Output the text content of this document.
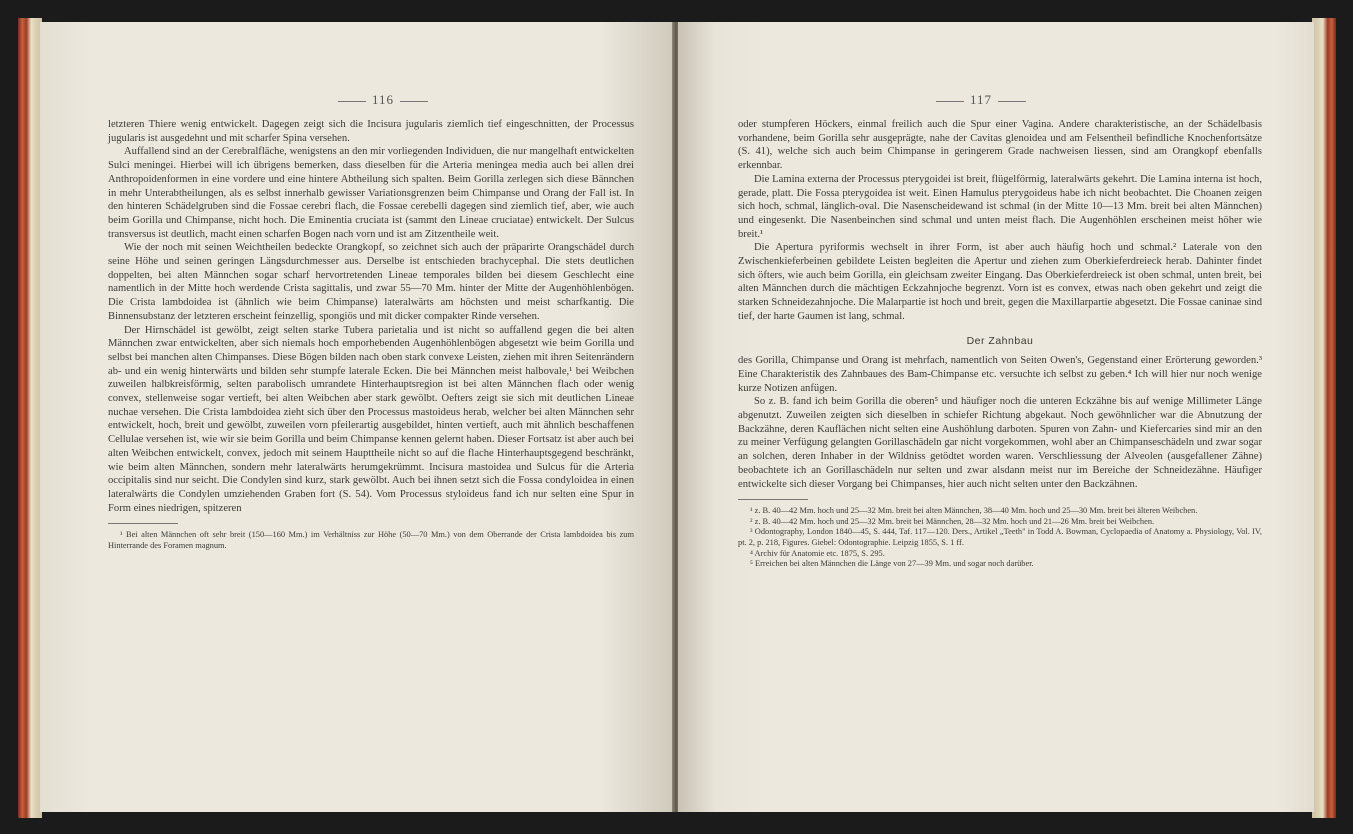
116

letzteren Thiere wenig entwickelt. Dagegen zeigt sich die Incisura jugularis ziemlich tief eingeschnitten, der Processus jugularis ist ausgedehnt und mit scharfer Spina versehen.

Auffallend sind an der Cerebralfläche, wenigstens an den mir vorliegenden Individuen, die nur mangelhaft entwickelten Sulci meningei. Hierbei will ich übrigens bemerken, dass dieselben für die Arteria meningea media auch bei allen drei Anthropoidenformen in eine vordere und eine hintere Abtheilung sich spalten. Beim Gorilla zerlegen sich diese Bännchen in mehr Unterabtheilungen, als es selbst innerhalb gewisser Variationsgrenzen beim Chimpanse und Orang der Fall ist. In den hinteren Schädelgruben sind die Fossae cerebri flach, die Fossae cerebelli dagegen sind ziemlich tief, aber, wie auch beim Gorilla und Chimpanse, nicht hoch. Die Eminentia cruciata ist (sammt den Lineae cruciatae) entwickelt. Der Sulcus transversus ist deutlich, macht einen scharfen Bogen nach vorn und ist am Zitzentheile weit.

Wie der noch mit seinen Weichtheilen bedeckte Orangkopf, so zeichnet sich auch der präparirte Orangschädel durch seine Höhe und seinen geringen Längsdurchmesser aus. Derselbe ist entschieden brachycephal. Die stets deutlichen doppelten, bei alten Männchen sogar scharf hervortretenden Lineae temporales bilden bei diesem Geschlecht eine namentlich in der Mitte hoch werdende Crista sagittalis, und zwar 55—70 Mm. hinter der Mitte der Augenhöhlenbögen. Die Crista lambdoidea ist (ähnlich wie beim Chimpanse) lateralwärts am höchsten und meist scharfkantig. Die Binnensubstanz der letzteren erscheint feinzellig, spongiös und mit dicker compakter Rinde versehen.

Der Hirnschädel ist gewölbt, zeigt selten starke Tubera parietalia und ist nicht so auffallend gegen die bei alten Männchen zwar entwickelten, aber sich niemals hoch emporhebenden Augenhöhlenbögen abgesetzt wie beim Gorilla und selbst bei manchen alten Chimpanses. Diese Bögen bilden nach oben stark convexe Leisten, ziehen mit ihren Seitenrändern ab- und ein wenig hinterwärts und bilden sehr stumpfe laterale Ecken. Die bei Männchen meist halbovale,¹ bei Weibchen zuweilen halbkreisförmig, selten parabolisch umrandete Hinterhauptsregion ist bei alten Männchen flach oder wenig convex, stellenweise sogar vertieft, bei alten Weibchen aber stark gewölbt. Oefters zeigt sie sich mit deutlichen Lineae nuchae versehen. Die Crista lambdoidea zieht sich über den Processus mastoideus herab, welcher bei alten Männchen sehr entwickelt, hoch, breit und gewölbt, zuweilen vorn pfeilerartig ausgebildet, hinten vertieft, auch mit ähnlich beschaffenen Cellulae versehen ist, wie wir sie beim Gorilla und beim Chimpanse kennen gelernt haben. Dieser Fortsatz ist aber auch bei alten Weibchen entwickelt, convex, jedoch mit seinem Haupttheile nicht so auf die flache Hinterhauptsgegend beschränkt, wie beim alten Männchen, sondern mehr lateralwärts herumgekrümmt. Incisura mastoidea und Sulcus für die Arteria occipitalis sind nur seicht. Die Condylen sind kurz, stark gewölbt. Auch bei ihnen setzt sich die Fossa condyloidea in einen lateralwärts die Condylen umziehenden Graben fort (S. 54). Vom Processus styloideus fand ich nur selten eine Spur in Form eines niedrigen, spitzeren

¹ Bei alten Männchen oft sehr breit (150—160 Mm.) im Verhältniss zur Höhe (50—70 Mm.) von dem Oberrande der Crista lambdoidea bis zum Hinterrande des Foramen magnum.

117

oder stumpferen Höckers, einmal freilich auch die Spur einer Vagina. Andere charakteristische, an der Schädelbasis vorhandene, beim Gorilla sehr ausgeprägte, nahe der Cavitas glenoidea und am Felsentheil befindliche Knochenfortsätze (S. 41), welche sich auch beim Chimpanse in geringerem Grade nachweisen liessen, sind am Orangkopf ebenfalls erkennbar.

Die Lamina externa der Processus pterygoidei ist breit, flügelförmig, lateralwärts gekehrt. Die Lamina interna ist hoch, gerade, platt. Die Fossa pterygoidea ist weit. Einen Hamulus pterygoideus habe ich nicht beobachtet. Die Choanen zeigen sich hoch, schmal, länglich-oval. Die Nasenscheidewand ist schmal (in der Mitte 10—13 Mm. breit bei alten Männchen) und eingesenkt. Die Nasenbeinchen sind schmal und unten meist flach. Die Augenhöhlen erscheinen meist höher wie breit.¹

Die Apertura pyriformis wechselt in ihrer Form, ist aber auch häufig hoch und schmal.² Laterale von den Zwischenkieferbeinen gebildete Leisten begleiten die Apertur und ziehen zum Oberkieferdreieck herab. Dahinter findet sich öfters, wie auch beim Gorilla, ein gleichsam zweiter Eingang. Das Oberkieferdreieck ist oben schmal, unten breit, bei alten Männchen durch die mächtigen Eckzahnjoche begrenzt. Vorn ist es convex, etwas nach oben gekehrt und zeigt die starken Schneidezahnjoche. Die Malarpartie ist hoch und breit, gegen die Maxillarpartie abgesetzt. Die Fossae caninae sind tief, der harte Gaumen ist lang, schmal.

Der Zahnbau

des Gorilla, Chimpanse und Orang ist mehrfach, namentlich von Seiten Owen's, Gegenstand einer Erörterung geworden.³ Eine Charakteristik des Zahnbaues des Bam-Chimpanse etc. versuchte ich selbst zu geben.⁴ Ich will hier nur noch wenige kurze Notizen anfügen.

So z. B. fand ich beim Gorilla die oberen⁵ und häufiger noch die unteren Eckzähne bis auf wenige Millimeter Länge abgenutzt. Zuweilen zeigten sich dieselben in schiefer Richtung abgekaut. Noch gewöhnlicher war die Abnutzung der Backzähne, deren Kauflächen nicht selten eine Aushöhlung darboten. Spuren von Zahn- und Kiefercaries sind mir an den zu meiner Verfügung gelangten Gorillaschädeln gar nicht vorgekommen, wohl aber an Chimpanseschädeln und zwar sogar an solchen, deren Inhaber in der Wildniss getödtet worden waren. Verschliessung der Alveolen (ausgefallener Zähne) beobachtete ich an Gorillaschädeln nur selten und zwar alsdann meist nur im Bereiche der Schneidezähne. Häufiger entwickelte sich dieser Vorgang bei Chimpanses, hier auch nicht selten unter den Backzähnen.

¹ z. B. 40—42 Mm. hoch und 25—32 Mm. breit bei alten Männchen, 38—40 Mm. hoch und 25—30 Mm. breit bei älteren Weibchen.

² z. B. 40—42 Mm. hoch und 25—32 Mm. breit bei Männchen, 28—32 Mm. hoch und 21—26 Mm. breit bei Weibchen.

³ Odontography, London 1840—45, S. 444, Taf. 117—120. Ders., Artikel „Teeth" in Todd A. Bowman, Cyclopaedia of Anatomy a. Physiology, Vol. IV, pt. 2, p. 218, Figures. Giebel: Odontographie. Leipzig 1855, S. 1 ff.

⁴ Archiv für Anatomie etc. 1875, S. 295.

⁵ Erreichen bei alten Männchen die Länge von 27—39 Mm. und sogar noch darüber.
